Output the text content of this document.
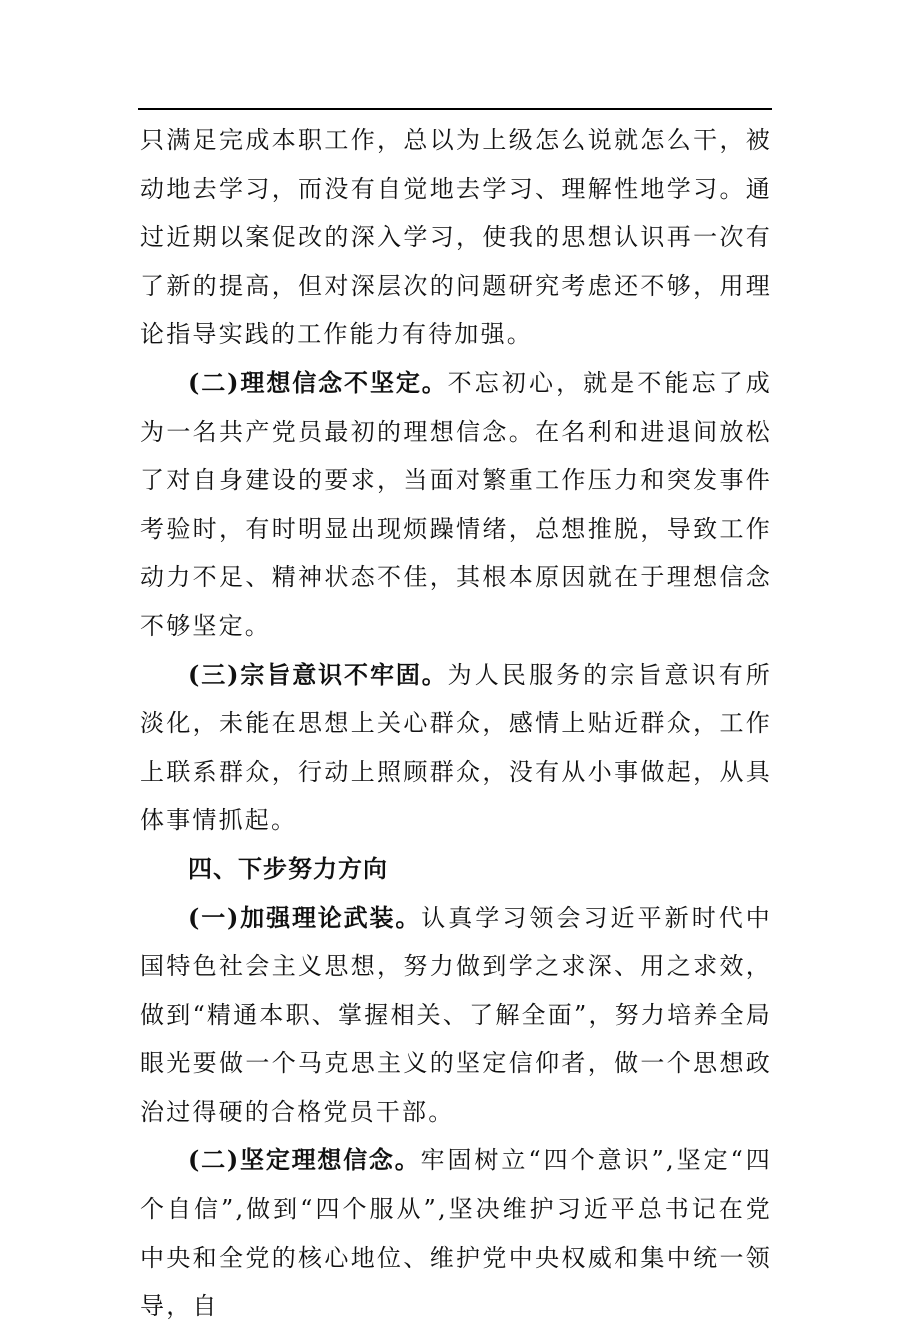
只满足完成本职工作，总以为上级怎么说就怎么干，被动地去学习，而没有自觉地去学习、理解性地学习。通过近期以案促改的深入学习，使我的思想认识再一次有了新的提高，但对深层次的问题研究考虑还不够，用理论指导实践的工作能力有待加强。

(二)理想信念不坚定。不忘初心，就是不能忘了成为一名共产党员最初的理想信念。在名利和进退间放松了对自身建设的要求，当面对繁重工作压力和突发事件考验时，有时明显出现烦躁情绪，总想推脱，导致工作动力不足、精神状态不佳，其根本原因就在于理想信念不够坚定。

(三)宗旨意识不牢固。为人民服务的宗旨意识有所淡化，未能在思想上关心群众，感情上贴近群众，工作上联系群众，行动上照顾群众，没有从小事做起，从具体事情抓起。

四、下步努力方向

(一)加强理论武装。认真学习领会习近平新时代中国特色社会主义思想，努力做到学之求深、用之求效，做到“精通本职、掌握相关、了解全面”，努力培养全局眼光要做一个马克思主义的坚定信仰者，做一个思想政治过得硬的合格党员干部。

(二)坚定理想信念。牢固树立“四个意识”,坚定“四个自信”,做到“四个服从”,坚决维护习近平总书记在党中央和全党的核心地位、维护党中央权威和集中统一领导，自
